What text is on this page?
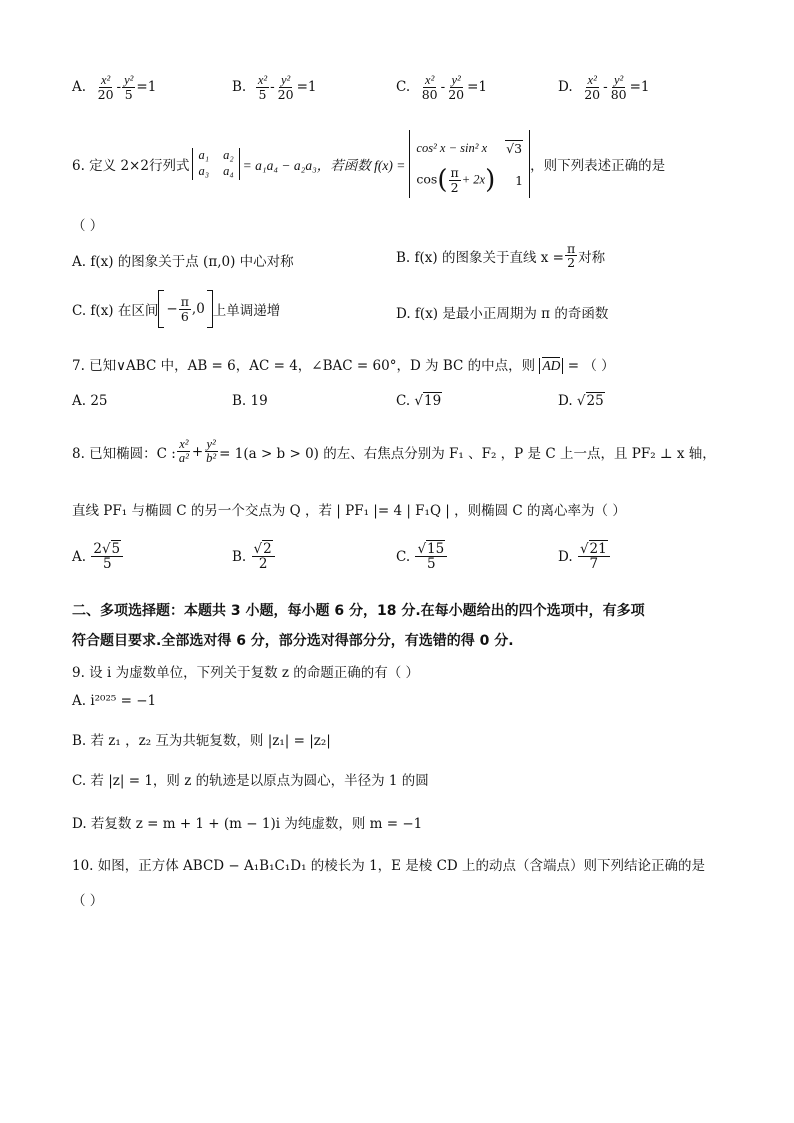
A. $\frac{\text{x²}}{20} - \frac{\text{y²}}{5} =1$	B. $\frac{\text{x²}}{5} - \frac{\text{y²}}{20} =1$	C. $\frac{\text{x²}}{80} - \frac{\text{y²}}{20} =1$	D. $\frac{\text{x²}}{20} - \frac{\text{y²}}{80} =1$
6. 定义 2×2行列式
a₁ a₂
a₃ a₄ = a₁a₄ − a₂a₃，若函数 f(x) =
cos² x − sin² x √3
$\cos( \frac{\pi}{2} + 2x)$ 1
，则下列表述正确的是
（ ）
A. f(x) 的图象关于点 (π,0) 中心对称	B. f(x) 的图象关于直线 $x = \frac{\pi}{2}$ 对称
C. f(x) 在区间 − $\frac{\pi}{6} ,0$ 上单调递增	D. f(x) 是最小正周期为 π 的奇函数
7. 已知∨ABC 中，AB = 6，AC = 4，∠BAC = 60°，D 为 BC 的中点，则 AD = （ ）
A. 25	B. 19	C. √19	D. √25
8. 已知椭圆：C : $\frac{\text{x²}}{\text{a²}} + \frac{\text{y²}}{\text{b²}} = 1(a > b > 0)$ 的左、右焦点分别为 F₁ 、F₂ ，P 是 C 上一点，且 PF₂ ⊥ x 轴，
直线 PF₁ 与椭圆 C 的另一个交点为 Q ，若 | PF₁ |= 4 | F₁Q | ，则椭圆 C 的离心率为（ ）
A.
$\frac{2√5}{5}$	B.
$\frac{√2}{2}$	C.
$\frac{√15}{5}$	D.
$\frac{√21}{7}$
二、多项选择题：本题共 3 小题，每小题 6 分，18 分.在每小题给出的四个选项中，有多项
符合题目要求.全部选对得 6 分，部分选对得部分分，有选错的得 0 分.
9. 设 i 为虚数单位，下列关于复数 z 的命题正确的有（ ）
A. i²⁰²⁵ = −1
B. 若 z₁ ，z₂ 互为共轭复数，则 |z₁| = |z₂|
C. 若 |z| = 1，则 z 的轨迹是以原点为圆心，半径为 1 的圆
D. 若复数 z = m + 1 + (m − 1)i 为纯虚数，则 m = −1
10. 如图，正方体 ABCD − A₁B₁C₁D₁ 的棱长为 1，E 是棱 CD 上的动点（含端点）则下列结论正确的是
（ ）
